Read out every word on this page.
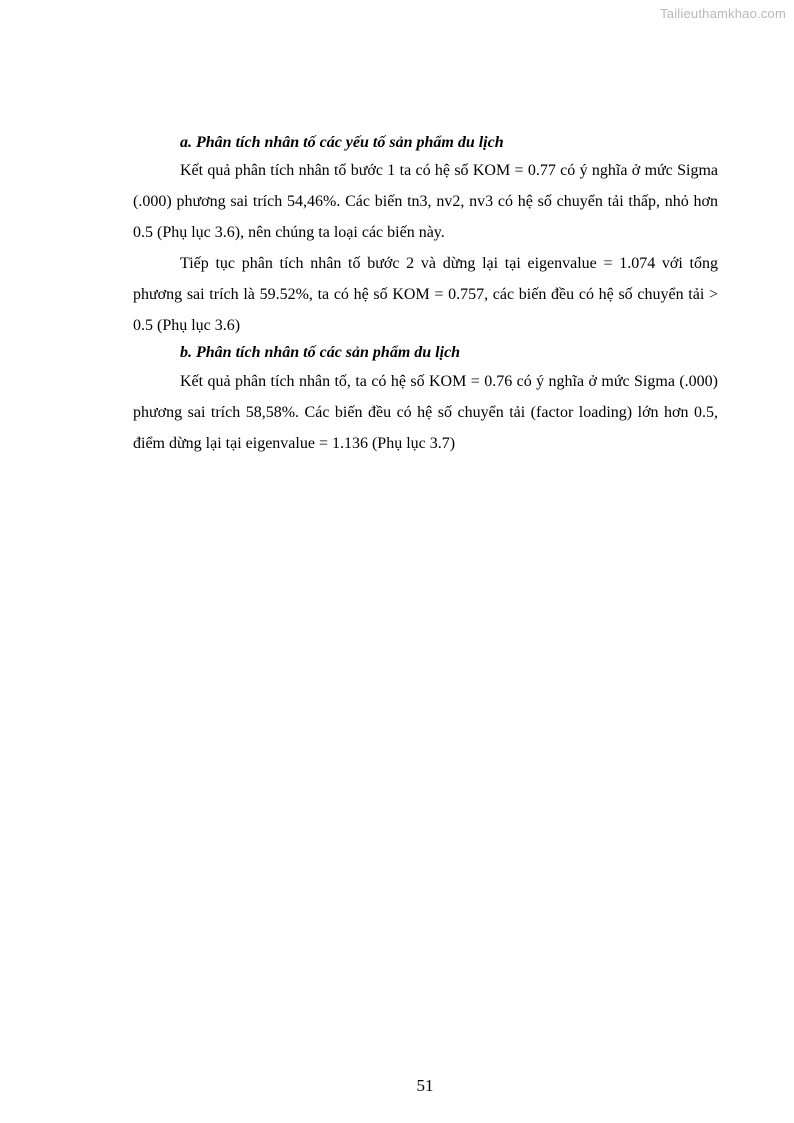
Tailieuthamkhao.com
a. Phân tích nhân tố các yếu tố sản phẩm du lịch

Kết quả phân tích nhân tố bước 1 ta có hệ số KOM = 0.77 có ý nghĩa ở mức Sigma (.000) phương sai trích 54,46%. Các biến tn3, nv2, nv3 có hệ số chuyển tải thấp, nhỏ hơn 0.5 (Phụ lục 3.6), nên chúng ta loại các biến này.

Tiếp tục phân tích nhân tố bước 2 và dừng lại tại eigenvalue = 1.074 với tổng phương sai trích là 59.52%, ta có hệ số KOM = 0.757, các biến đều có hệ số chuyển tải > 0.5 (Phụ lục 3.6)

b. Phân tích nhân tố các sản phẩm du lịch

Kết quả phân tích nhân tố, ta có hệ số KOM = 0.76 có ý nghĩa ở mức Sigma (.000) phương sai trích 58,58%. Các biến đều có hệ số chuyển tải (factor loading) lớn hơn 0.5, điểm dừng lại tại eigenvalue = 1.136 (Phụ lục 3.7)

51
